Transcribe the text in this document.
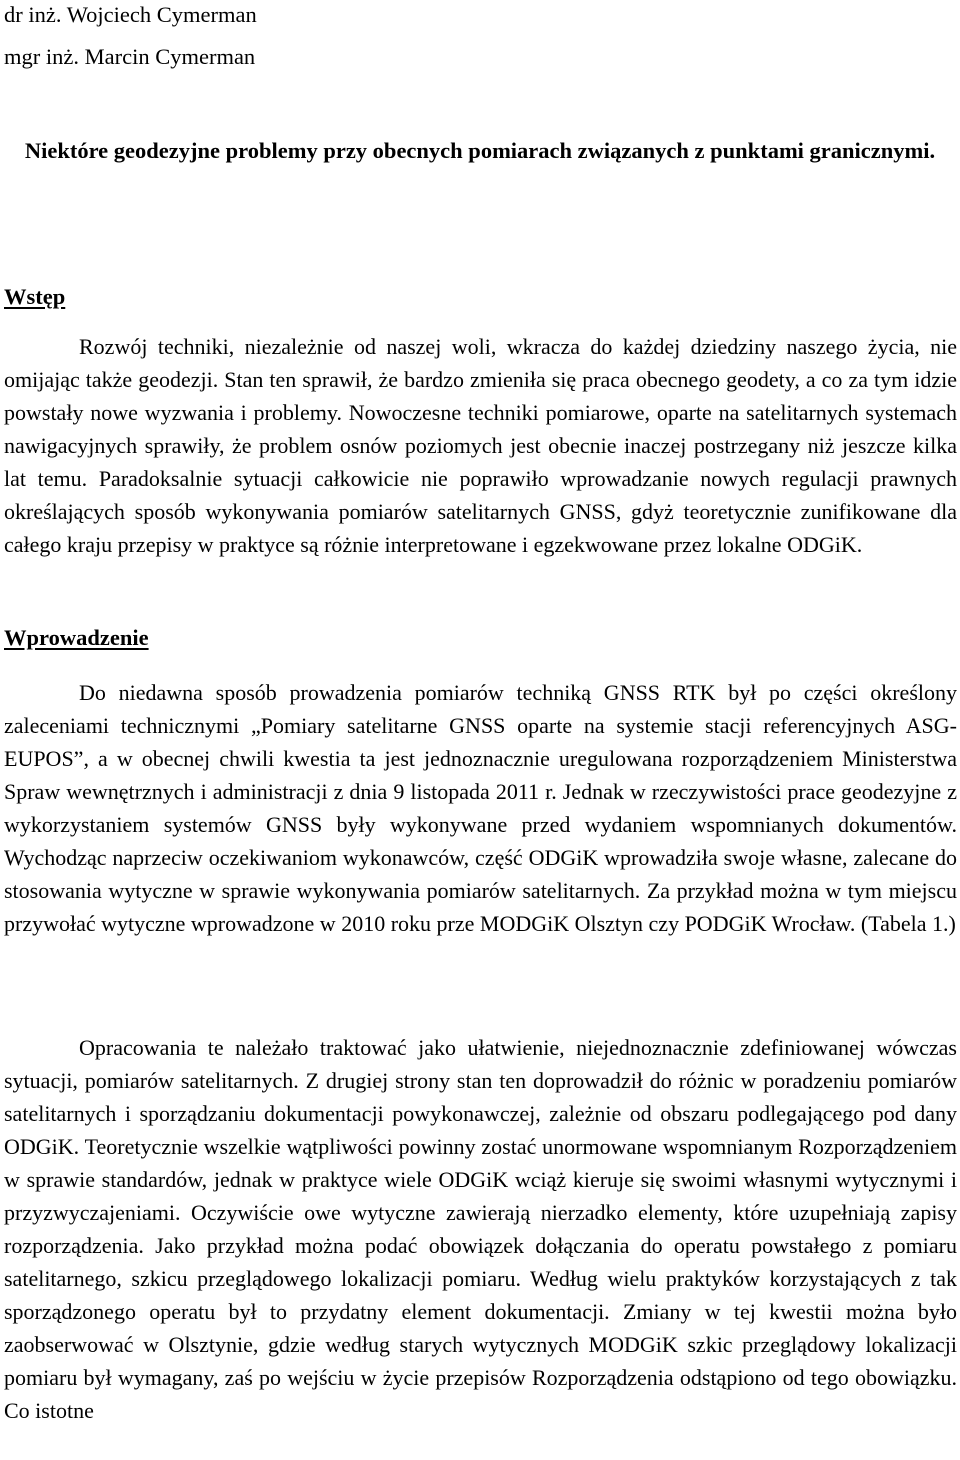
dr inż. Wojciech Cymerman
mgr inż. Marcin Cymerman
Niektóre geodezyjne problemy przy obecnych pomiarach związanych z punktami granicznymi.
Wstęp

Rozwój techniki, niezależnie od naszej woli, wkracza do każdej dziedziny naszego życia, nie omijając także geodezji. Stan ten sprawił, że bardzo zmieniła się praca obecnego geodety, a co za tym idzie powstały nowe wyzwania i problemy. Nowoczesne techniki pomiarowe, oparte na satelitarnych systemach nawigacyjnych sprawiły, że problem osnów poziomych jest obecnie inaczej postrzegany niż jeszcze kilka lat temu. Paradoksalnie sytuacji całkowicie nie poprawiło wprowadzanie nowych regulacji prawnych określających sposób wykonywania pomiarów satelitarnych GNSS, gdyż teoretycznie zunifikowane dla całego kraju przepisy w praktyce są różnie interpretowane i egzekwowane przez lokalne ODGiK.

Wprowadzenie

Do niedawna sposób prowadzenia pomiarów techniką GNSS RTK był po części określony zaleceniami technicznymi „Pomiary satelitarne GNSS oparte na systemie stacji referencyjnych ASG-EUPOS”, a w obecnej chwili kwestia ta jest jednoznacznie uregulowana rozporządzeniem Ministerstwa Spraw wewnętrznych i administracji z dnia 9 listopada 2011 r. Jednak w rzeczywistości prace geodezyjne z wykorzystaniem systemów GNSS były wykonywane przed wydaniem wspomnianych dokumentów. Wychodząc naprzeciw oczekiwaniom wykonawców, część ODGiK wprowadziła swoje własne, zalecane do stosowania wytyczne w sprawie wykonywania pomiarów satelitarnych. Za przykład można w tym miejscu przywołać wytyczne wprowadzone w 2010 roku prze MODGiK Olsztyn czy PODGiK Wrocław. (Tabela 1.)

Opracowania te należało traktować jako ułatwienie, niejednoznacznie zdefiniowanej wówczas sytuacji, pomiarów satelitarnych. Z drugiej strony stan ten doprowadził do różnic w poradzeniu pomiarów satelitarnych i sporządzaniu dokumentacji powykonawczej, zależnie od obszaru podlegającego pod dany ODGiK. Teoretycznie wszelkie wątpliwości powinny zostać unormowane wspomnianym Rozporządzeniem w sprawie standardów, jednak w praktyce wiele ODGiK wciąż kieruje się swoimi własnymi wytycznymi i przyzwyczajeniami. Oczywiście owe wytyczne zawierają nierzadko elementy, które uzupełniają zapisy rozporządzenia. Jako przykład można podać obowiązek dołączania do operatu powstałego z pomiaru satelitarnego, szkicu przeglądowego lokalizacji pomiaru. Według wielu praktyków korzystających z tak sporządzonego operatu był to przydatny element dokumentacji. Zmiany w tej kwestii można było zaobserwować w Olsztynie, gdzie według starych wytycznych MODGiK szkic przeglądowy lokalizacji pomiaru był wymagany, zaś po wejściu w życie przepisów Rozporządzenia odstąpiono od tego obowiązku. Co istotne
